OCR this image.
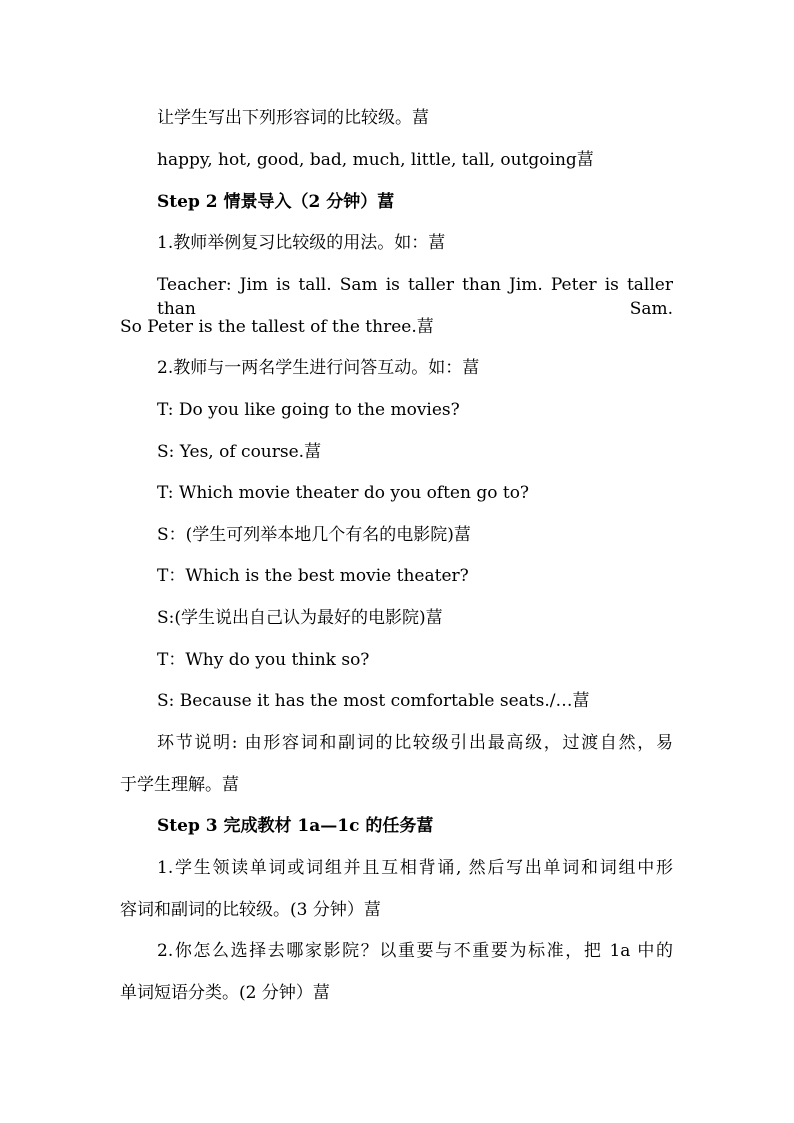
让学生写出下列形容词的比较级。葍
happy, hot, good, bad, much, little, tall, outgoing葍
Step 2 情景导入（2 分钟）葍
1.教师举例复习比较级的用法。如：葍
Teacher: Jim is tall. Sam is taller than Jim. Peter is taller than Sam.
So Peter is the tallest of the three.葍
2.教师与一两名学生进行问答互动。如：葍
T: Do you like going to the movies?
S: Yes, of course.葍
T: Which movie theater do you often go to?
S：(学生可列举本地几个有名的电影院)葍
T：Which is the best movie theater?
S:(学生说出自己认为最好的电影院)葍
T：Why do you think so?
S: Because it has the most comfortable seats./…葍
环节说明: 由形容词和副词的比较级引出最高级，过渡自然，易
于学生理解。葍
Step 3 完成教材 1a—1c 的任务葍
1.学生领读单词或词组并且互相背诵, 然后写出单词和词组中形
容词和副词的比较级。(3 分钟）葍
2.你怎么选择去哪家影院？以重要与不重要为标准，把 1a 中的
单词短语分类。(2 分钟）葍
